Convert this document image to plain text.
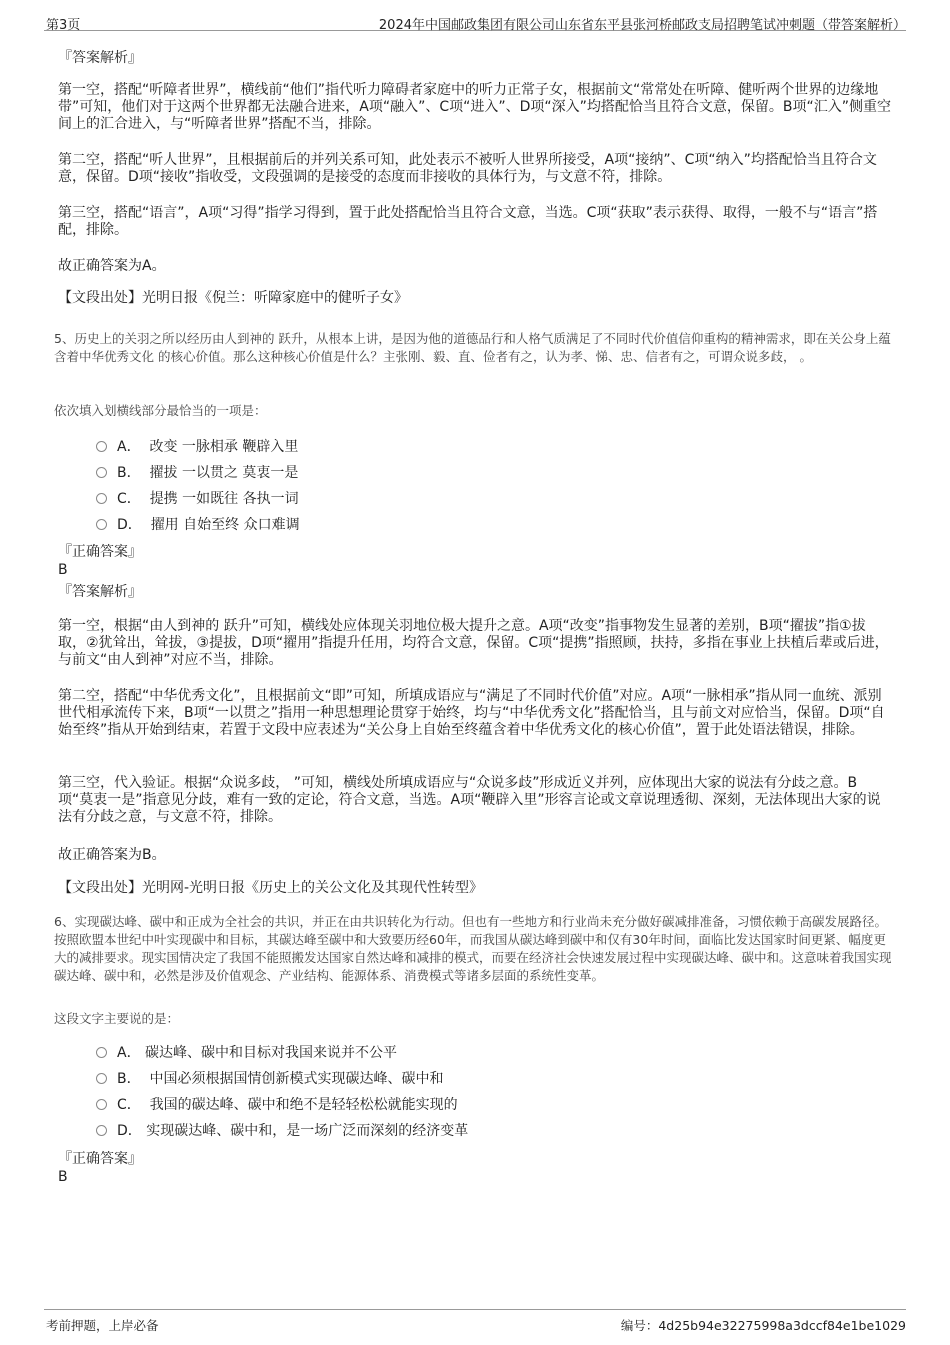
第3页	2024年中国邮政集团有限公司山东省东平县张河桥邮政支局招聘笔试冲刺题（带答案解析）
『答案解析』
第一空，搭配“听障者世界”，横线前“他们”指代听力障碍者家庭中的听力正常子女，根据前文“常常处在听障、健听两个世界的边缘地带”可知，他们对于这两个世界都无法融合进来，A项“融入”、C项“进入”、D项“深入”均搭配恰当且符合文意，保留。B项“汇入”侧重空间上的汇合进入，与“听障者世界”搭配不当，排除。
第二空，搭配“听人世界”，且根据前后的并列关系可知，此处表示不被听人世界所接受，A项“接纳”、C项“纳入”均搭配恰当且符合文意，保留。D项“接收”指收受，文段强调的是接受的态度而非接收的具体行为，与文意不符，排除。
第三空，搭配“语言”，A项“习得”指学习得到，置于此处搭配恰当且符合文意，当选。C项“获取”表示获得、取得，一般不与“语言”搭配，排除。
故正确答案为A。
【文段出处】光明日报《倪兰：听障家庭中的健听子女》
5、历史上的关羽之所以经历由人到神的 跃升，从根本上讲，是因为他的道德品行和人格气质满足了不同时代价值信仰重构的精神需求，即在关公身上蕴含着中华优秀文化 的核心价值。那么这种核心价值是什么？主张刚、毅、直、俭者有之，认为孝、悌、忠、信者有之，可谓众说多歧， 。
依次填入划横线部分最恰当的一项是：
A． 改变 一脉相承 鞭辟入里
B． 擢拔 一以贯之 莫衷一是
C． 提携 一如既往 各执一词
D． 擢用 自始至终 众口难调
『正确答案』
B
『答案解析』
第一空，根据“由人到神的 跃升”可知，横线处应体现关羽地位极大提升之意。A项“改变”指事物发生显著的差别，B项“擢拔”指①拔取，②犹耸出，耸拔，③提拔，D项“擢用”指提升任用，均符合文意，保留。C项“提携”指照顾，扶持，多指在事业上扶植后辈或后进，与前文“由人到神”对应不当，排除。
第二空，搭配“中华优秀文化”，且根据前文“即”可知，所填成语应与“满足了不同时代价值”对应。A项“一脉相承”指从同一血统、派别世代相承流传下来，B项“一以贯之”指用一种思想理论贯穿于始终，均与“中华优秀文化”搭配恰当，且与前文对应恰当，保留。D项“自始至终”指从开始到结束，若置于文段中应表述为“关公身上自始至终蕴含着中华优秀文化的核心价值”，置于此处语法错误，排除。
第三空，代入验证。根据“众说多歧， ”可知，横线处所填成语应与“众说多歧”形成近义并列，应体现出大家的说法有分歧之意。B项“莫衷一是”指意见分歧，难有一致的定论，符合文意，当选。A项“鞭辟入里”形容言论或文章说理透彻、深刻，无法体现出大家的说法有分歧之意，与文意不符，排除。
故正确答案为B。
【文段出处】光明网-光明日报《历史上的关公文化及其现代性转型》
6、实现碳达峰、碳中和正成为全社会的共识，并正在由共识转化为行动。但也有一些地方和行业尚未充分做好碳减排准备，习惯依赖于高碳发展路径。按照欧盟本世纪中叶实现碳中和目标，其碳达峰至碳中和大致要历经60年，而我国从碳达峰到碳中和仅有30年时间，面临比发达国家时间更紧、幅度更大的减排要求。现实国情决定了我国不能照搬发达国家自然达峰和减排的模式，而要在经济社会快速发展过程中实现碳达峰、碳中和。这意味着我国实现碳达峰、碳中和，必然是涉及价值观念、产业结构、能源体系、消费模式等诸多层面的系统性变革。
这段文字主要说的是：
A． 碳达峰、碳中和目标对我国来说并不公平
B． 中国必须根据国情创新模式实现碳达峰、碳中和
C． 我国的碳达峰、碳中和绝不是轻轻松松就能实现的
D． 实现碳达峰、碳中和，是一场广泛而深刻的经济变革
『正确答案』
B
考前押题，上岸必备	编号：4d25b94e32275998a3dccf84e1be1029
